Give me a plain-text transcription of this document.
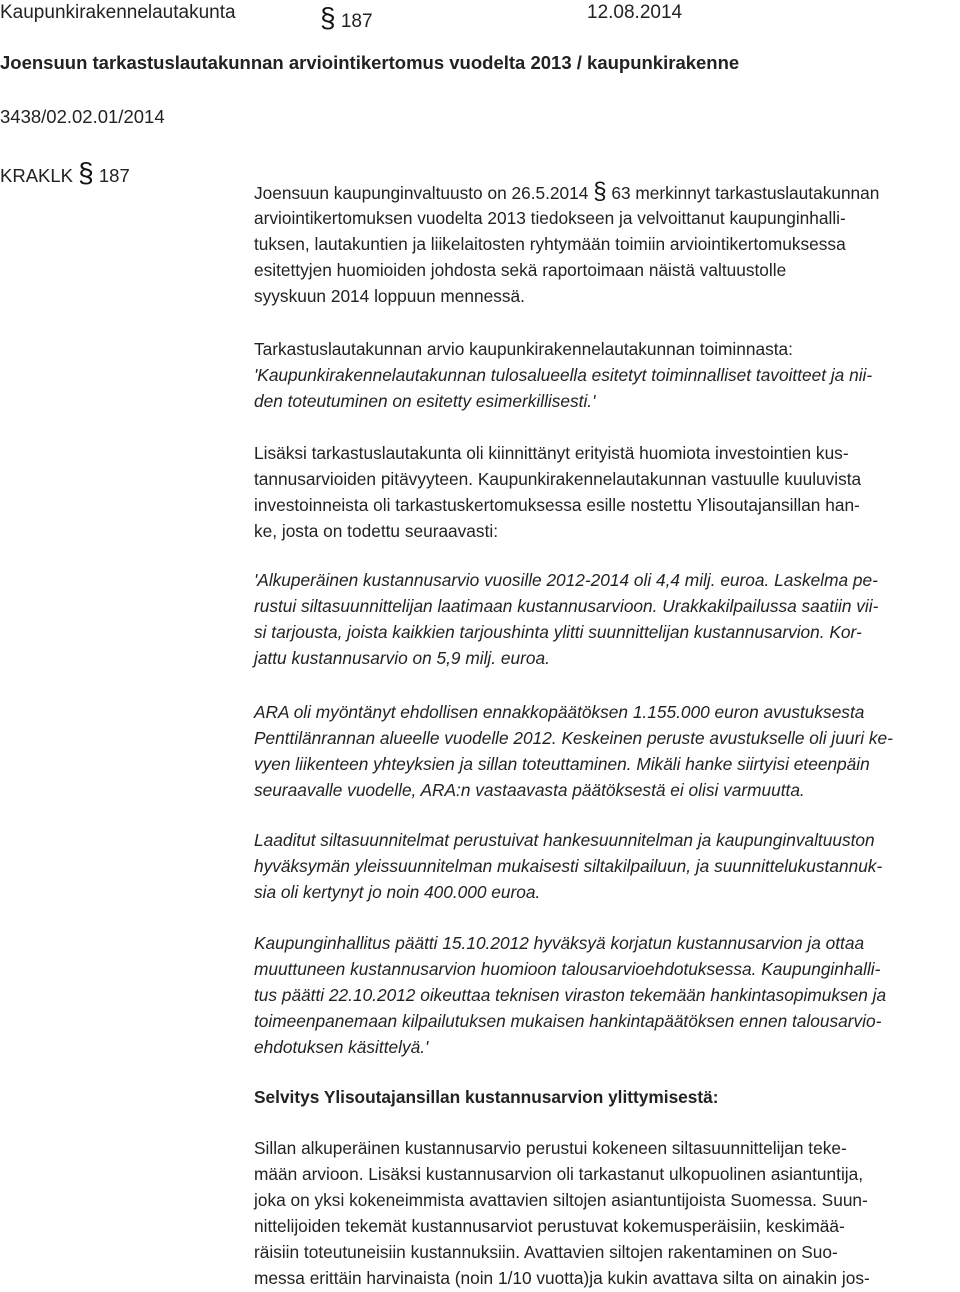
Kaupunkirakennelautakunta	§ 187	12.08.2014
Joensuun tarkastuslautakunnan arviointikertomus vuodelta 2013 / kaupunkirakenne
3438/02.02.01/2014
KRAKLK § 187
Joensuun kaupunginvaltuusto on 26.5.2014 § 63 merkinnyt tarkastuslautakunnan
arviointikertomuksen vuodelta 2013 tiedokseen ja velvoittanut kaupunginhalli-
tuksen, lautakuntien ja liikelaitosten ryhtymään toimiin arviointikertomuksessa
esitettyjen huomioiden johdosta sekä raportoimaan näistä valtuustolle
syyskuun 2014 loppuun mennessä.
Tarkastuslautakunnan arvio kaupunkirakennelautakunnan toiminnasta:
'Kaupunkirakennelautakunnan tulosalueella esitetyt toiminnalliset tavoitteet ja nii-
den toteutuminen on esitetty esimerkillisesti.'
Lisäksi tarkastuslautakunta oli kiinnittänyt erityistä huomiota investointien kus-
tannusarvioiden pitävyyteen. Kaupunkirakennelautakunnan vastuulle kuuluvista
investoinneista oli tarkastuskertomuksessa esille nostettu Ylisoutajansillan han-
ke, josta on todettu seuraavasti:
'Alkuperäinen kustannusarvio vuosille 2012-2014 oli 4,4 milj. euroa. Laskelma pe-
rustui siltasuunnittelijan laatimaan kustannusarvioon. Urakkakilpailussa saatiin vii-
si tarjousta, joista kaikkien tarjoushinta ylitti suunnittelijan kustannusarvion. Kor-
jattu kustannusarvio on 5,9 milj. euroa.
ARA oli myöntänyt ehdollisen ennakkopäätöksen 1.155.000 euron avustuksesta
Penttilänrannan alueelle vuodelle 2012. Keskeinen peruste avustukselle oli juuri ke-
vyen liikenteen yhteyksien ja sillan toteuttaminen. Mikäli hanke siirtyisi eteenpäin
seuraavalle vuodelle, ARA:n vastaavasta päätöksestä ei olisi varmuutta.
Laaditut siltasuunnitelmat perustuivat hankesuunnitelman ja kaupunginvaltuuston
hyväksymän yleissuunnitelman mukaisesti siltakilpailuun, ja suunnittelukustannuk-
sia oli kertynyt jo noin 400.000 euroa.
Kaupunginhallitus päätti 15.10.2012 hyväksyä korjatun kustannusarvion ja ottaa
muuttuneen kustannusarvion huomioon talousarvioehdotuksessa. Kaupunginhalli-
tus päätti 22.10.2012 oikeuttaa teknisen viraston tekemään hankintasopimuksen ja
toimeenpanemaan kilpailutuksen mukaisen hankintapäätöksen ennen talousarvio-
ehdotuksen käsittelyä.'
Selvitys Ylisoutajansillan kustannusarvion ylittymisestä:
Sillan alkuperäinen kustannusarvio perustui kokeneen siltasuunnittelijan teke-
mään arvioon. Lisäksi kustannusarvion oli tarkastanut ulkopuolinen asiantuntija,
joka on yksi kokeneimmista avattavien siltojen asiantuntijoista Suomessa. Suun-
nittelijoiden tekemät kustannusarviot perustuvat kokemusperäisiin, keskimää-
räisiin toteutuneisiin kustannuksiin. Avattavien siltojen rakentaminen on Suo-
messa erittäin harvinaista (noin 1/10 vuotta)ja kukin avattava silta on ainakin jos-
